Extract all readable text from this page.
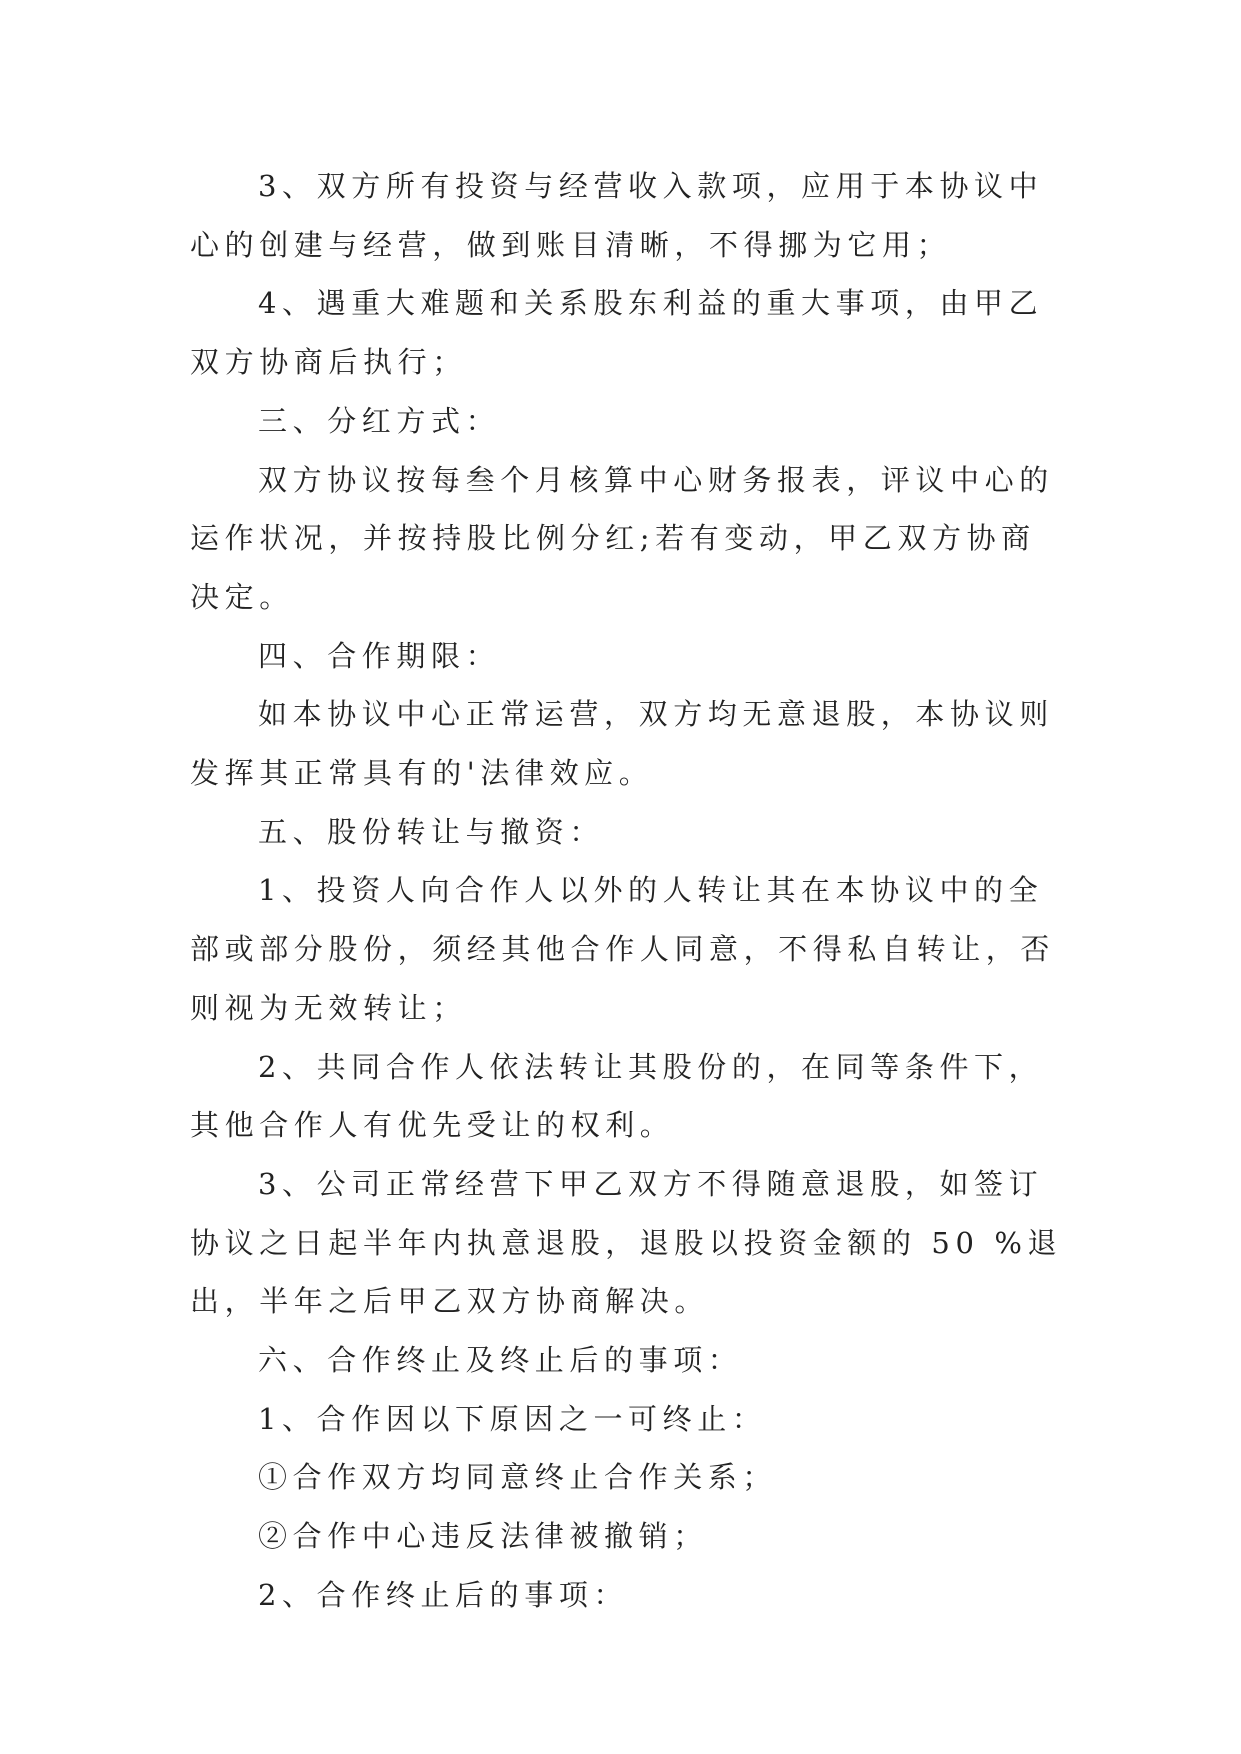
3、双方所有投资与经营收入款项，应用于本协议中心的创建与经营，做到账目清晰，不得挪为它用；

4、遇重大难题和关系股东利益的重大事项，由甲乙双方协商后执行；

三、分红方式：

双方协议按每叁个月核算中心财务报表，评议中心的运作状况，并按持股比例分红;若有变动，甲乙双方协商决定。

四、合作期限：

如本协议中心正常运营，双方均无意退股，本协议则发挥其正常具有的'法律效应。

五、股份转让与撤资：

1、投资人向合作人以外的人转让其在本协议中的全部或部分股份，须经其他合作人同意，不得私自转让，否则视为无效转让；

2、共同合作人依法转让其股份的，在同等条件下，其他合作人有优先受让的权利。

3、公司正常经营下甲乙双方不得随意退股，如签订协议之日起半年内执意退股，退股以投资金额的 50 %退出，半年之后甲乙双方协商解决。

六、合作终止及终止后的事项：

1、合作因以下原因之一可终止：

①合作双方均同意终止合作关系；

②合作中心违反法律被撤销；

2、合作终止后的事项：
